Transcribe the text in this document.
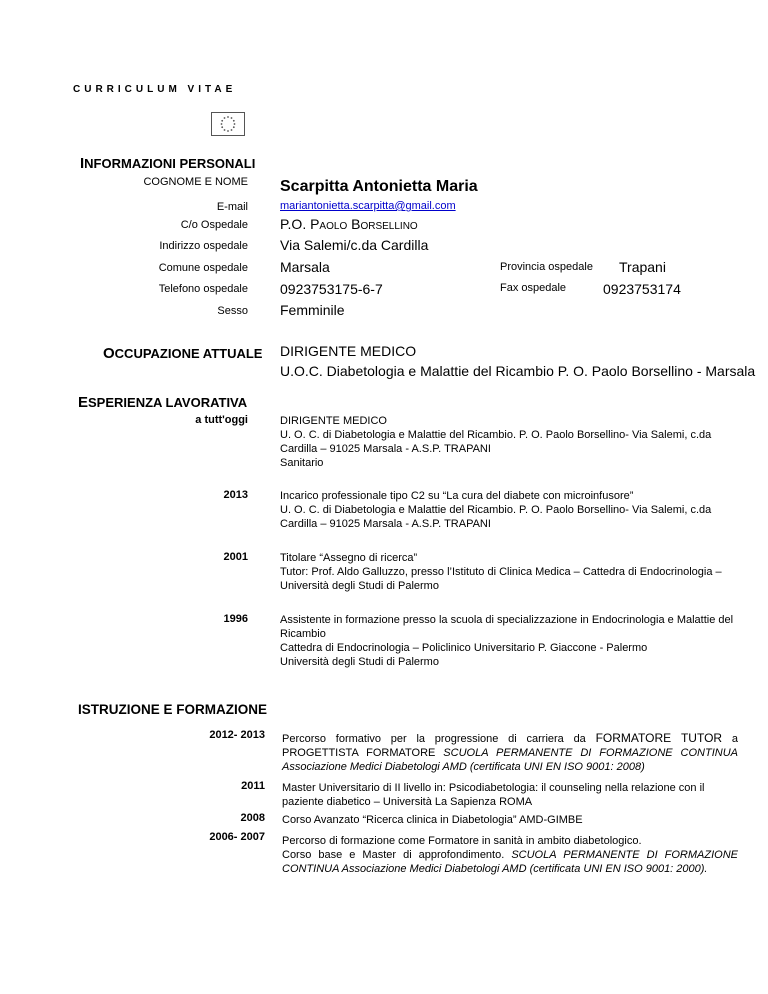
CURRICULUM VITAE
INFORMAZIONI PERSONALI
COGNOME E NOME Scarpitta Antonietta Maria
E-mail	mariantonietta.scarpitta@gmail.com
C/o Ospedale P.O. Paolo Borsellino
Indirizzo ospedale Via Salemi/c.da Cardilla
Comune ospedale Marsala	Provincia ospedale Trapani
Telefono ospedale 0923753175-6-7	Fax ospedale	0923753174
Sesso Femminile
OCCUPAZIONE ATTUALE DIRIGENTE MEDICO
U.O.C. Diabetologia e Malattie del Ricambio P. O. Paolo Borsellino - Marsala
ESPERIENZA LAVORATIVA
a tutt'oggi	DIRIGENTE MEDICO

U. O. C. di Diabetologia e Malattie del Ricambio. P. O. Paolo Borsellino- Via Salemi, c.da Cardilla – 91025 Marsala - A.S.P. TRAPANI

Sanitario

2013	Incarico professionale tipo C2 su “La cura del diabete con microinfusore”

U. O. C. di Diabetologia e Malattie del Ricambio. P. O. Paolo Borsellino- Via Salemi, c.da Cardilla – 91025 Marsala - A.S.P. TRAPANI

2001	Titolare “Assegno di ricerca”

Tutor: Prof. Aldo Galluzzo, presso l’Istituto di Clinica Medica – Cattedra di Endocrinologia – Università degli Studi di Palermo

1996	Assistente in formazione presso la scuola di specializzazione in Endocrinologia e Malattie del Ricambio

Cattedra di Endocrinologia – Policlinico Universitario P. Giaccone - Palermo

Università degli Studi di Palermo

ISTRUZIONE E FORMAZIONE
2012- 2013 Percorso formativo per la progressione di carriera da FORMATORE TUTOR a PROGETTISTA FORMATORE SCUOLA PERMANENTE DI FORMAZIONE CONTINUA Associazione Medici Diabetologi AMD (certificata UNI EN ISO 9001: 2008)
2011 Master Universitario di II livello in: Psicodiabetologia: il counseling nella relazione con il paziente diabetico – Università La Sapienza ROMA
2008 Corso Avanzato “Ricerca clinica in Diabetologia” AMD-GIMBE
2006- 2007 Percorso di formazione come Formatore in sanità in ambito diabetologico.

Corso base e Master di approfondimento. SCUOLA PERMANENTE DI FORMAZIONE CONTINUA Associazione Medici Diabetologi AMD (certificata UNI EN ISO 9001: 2000).
